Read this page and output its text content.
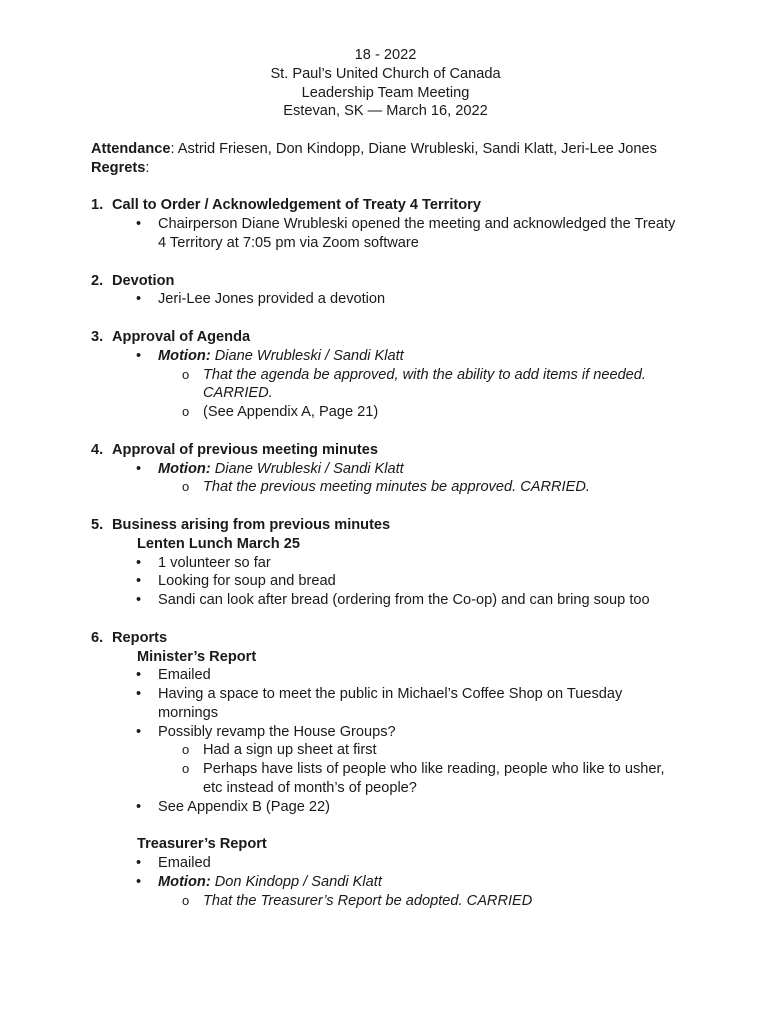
18 - 2022
St. Paul’s United Church of Canada
Leadership Team Meeting
Estevan, SK — March 16, 2022
Attendance: Astrid Friesen, Don Kindopp, Diane Wrubleski, Sandi Klatt, Jeri-Lee Jones
Regrets:
1. Call to Order / Acknowledgement of Treaty 4 Territory
• Chairperson Diane Wrubleski opened the meeting and acknowledged the Treaty 4 Territory at 7:05 pm via Zoom software
2. Devotion
• Jeri-Lee Jones provided a devotion
3. Approval of Agenda
• Motion: Diane Wrubleski / Sandi Klatt
o That the agenda be approved, with the ability to add items if needed. CARRIED.
o (See Appendix A, Page 21)
4. Approval of previous meeting minutes
• Motion: Diane Wrubleski / Sandi Klatt
o That the previous meeting minutes be approved. CARRIED.
5. Business arising from previous minutes
Lenten Lunch March 25
• 1 volunteer so far
• Looking for soup and bread
• Sandi can look after bread (ordering from the Co-op) and can bring soup too
6. Reports
Minister’s Report
• Emailed
• Having a space to meet the public in Michael’s Coffee Shop on Tuesday mornings
• Possibly revamp the House Groups?
o Had a sign up sheet at first
o Perhaps have lists of people who like reading, people who like to usher, etc instead of month’s of people?
• See Appendix B (Page 22)
Treasurer’s Report
• Emailed
• Motion: Don Kindopp / Sandi Klatt
o That the Treasurer’s Report be adopted. CARRIED
